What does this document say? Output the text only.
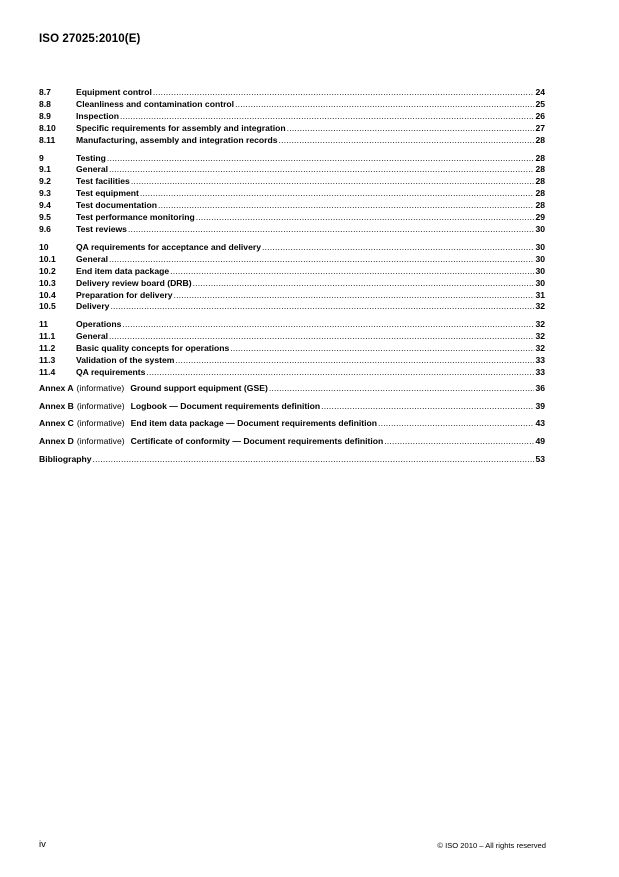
ISO 27025:2010(E)
8.7	Equipment control .....	24
8.8	Cleanliness and contamination control .....	25
8.9	Inspection .....	26
8.10	Specific requirements for assembly and integration .....	27
8.11	Manufacturing, assembly and integration records .....	28
9	Testing .....	28
9.1	General .....	28
9.2	Test facilities .....	28
9.3	Test equipment .....	28
9.4	Test documentation .....	28
9.5	Test performance monitoring .....	29
9.6	Test reviews .....	30
10	QA requirements for acceptance and delivery .....	30
10.1	General .....	30
10.2	End item data package .....	30
10.3	Delivery review board (DRB) .....	30
10.4	Preparation for delivery .....	31
10.5	Delivery .....	32
11	Operations .....	32
11.1	General .....	32
11.2	Basic quality concepts for operations .....	32
11.3	Validation of the system .....	33
11.4	QA requirements .....	33
Annex A (informative) Ground support equipment (GSE) .....	36
Annex B (informative) Logbook — Document requirements definition .....	39
Annex C (informative) End item data package — Document requirements definition .....	43
Annex D (informative) Certificate of conformity — Document requirements definition .....	49
Bibliography .....	53
iv	© ISO 2010 – All rights reserved
